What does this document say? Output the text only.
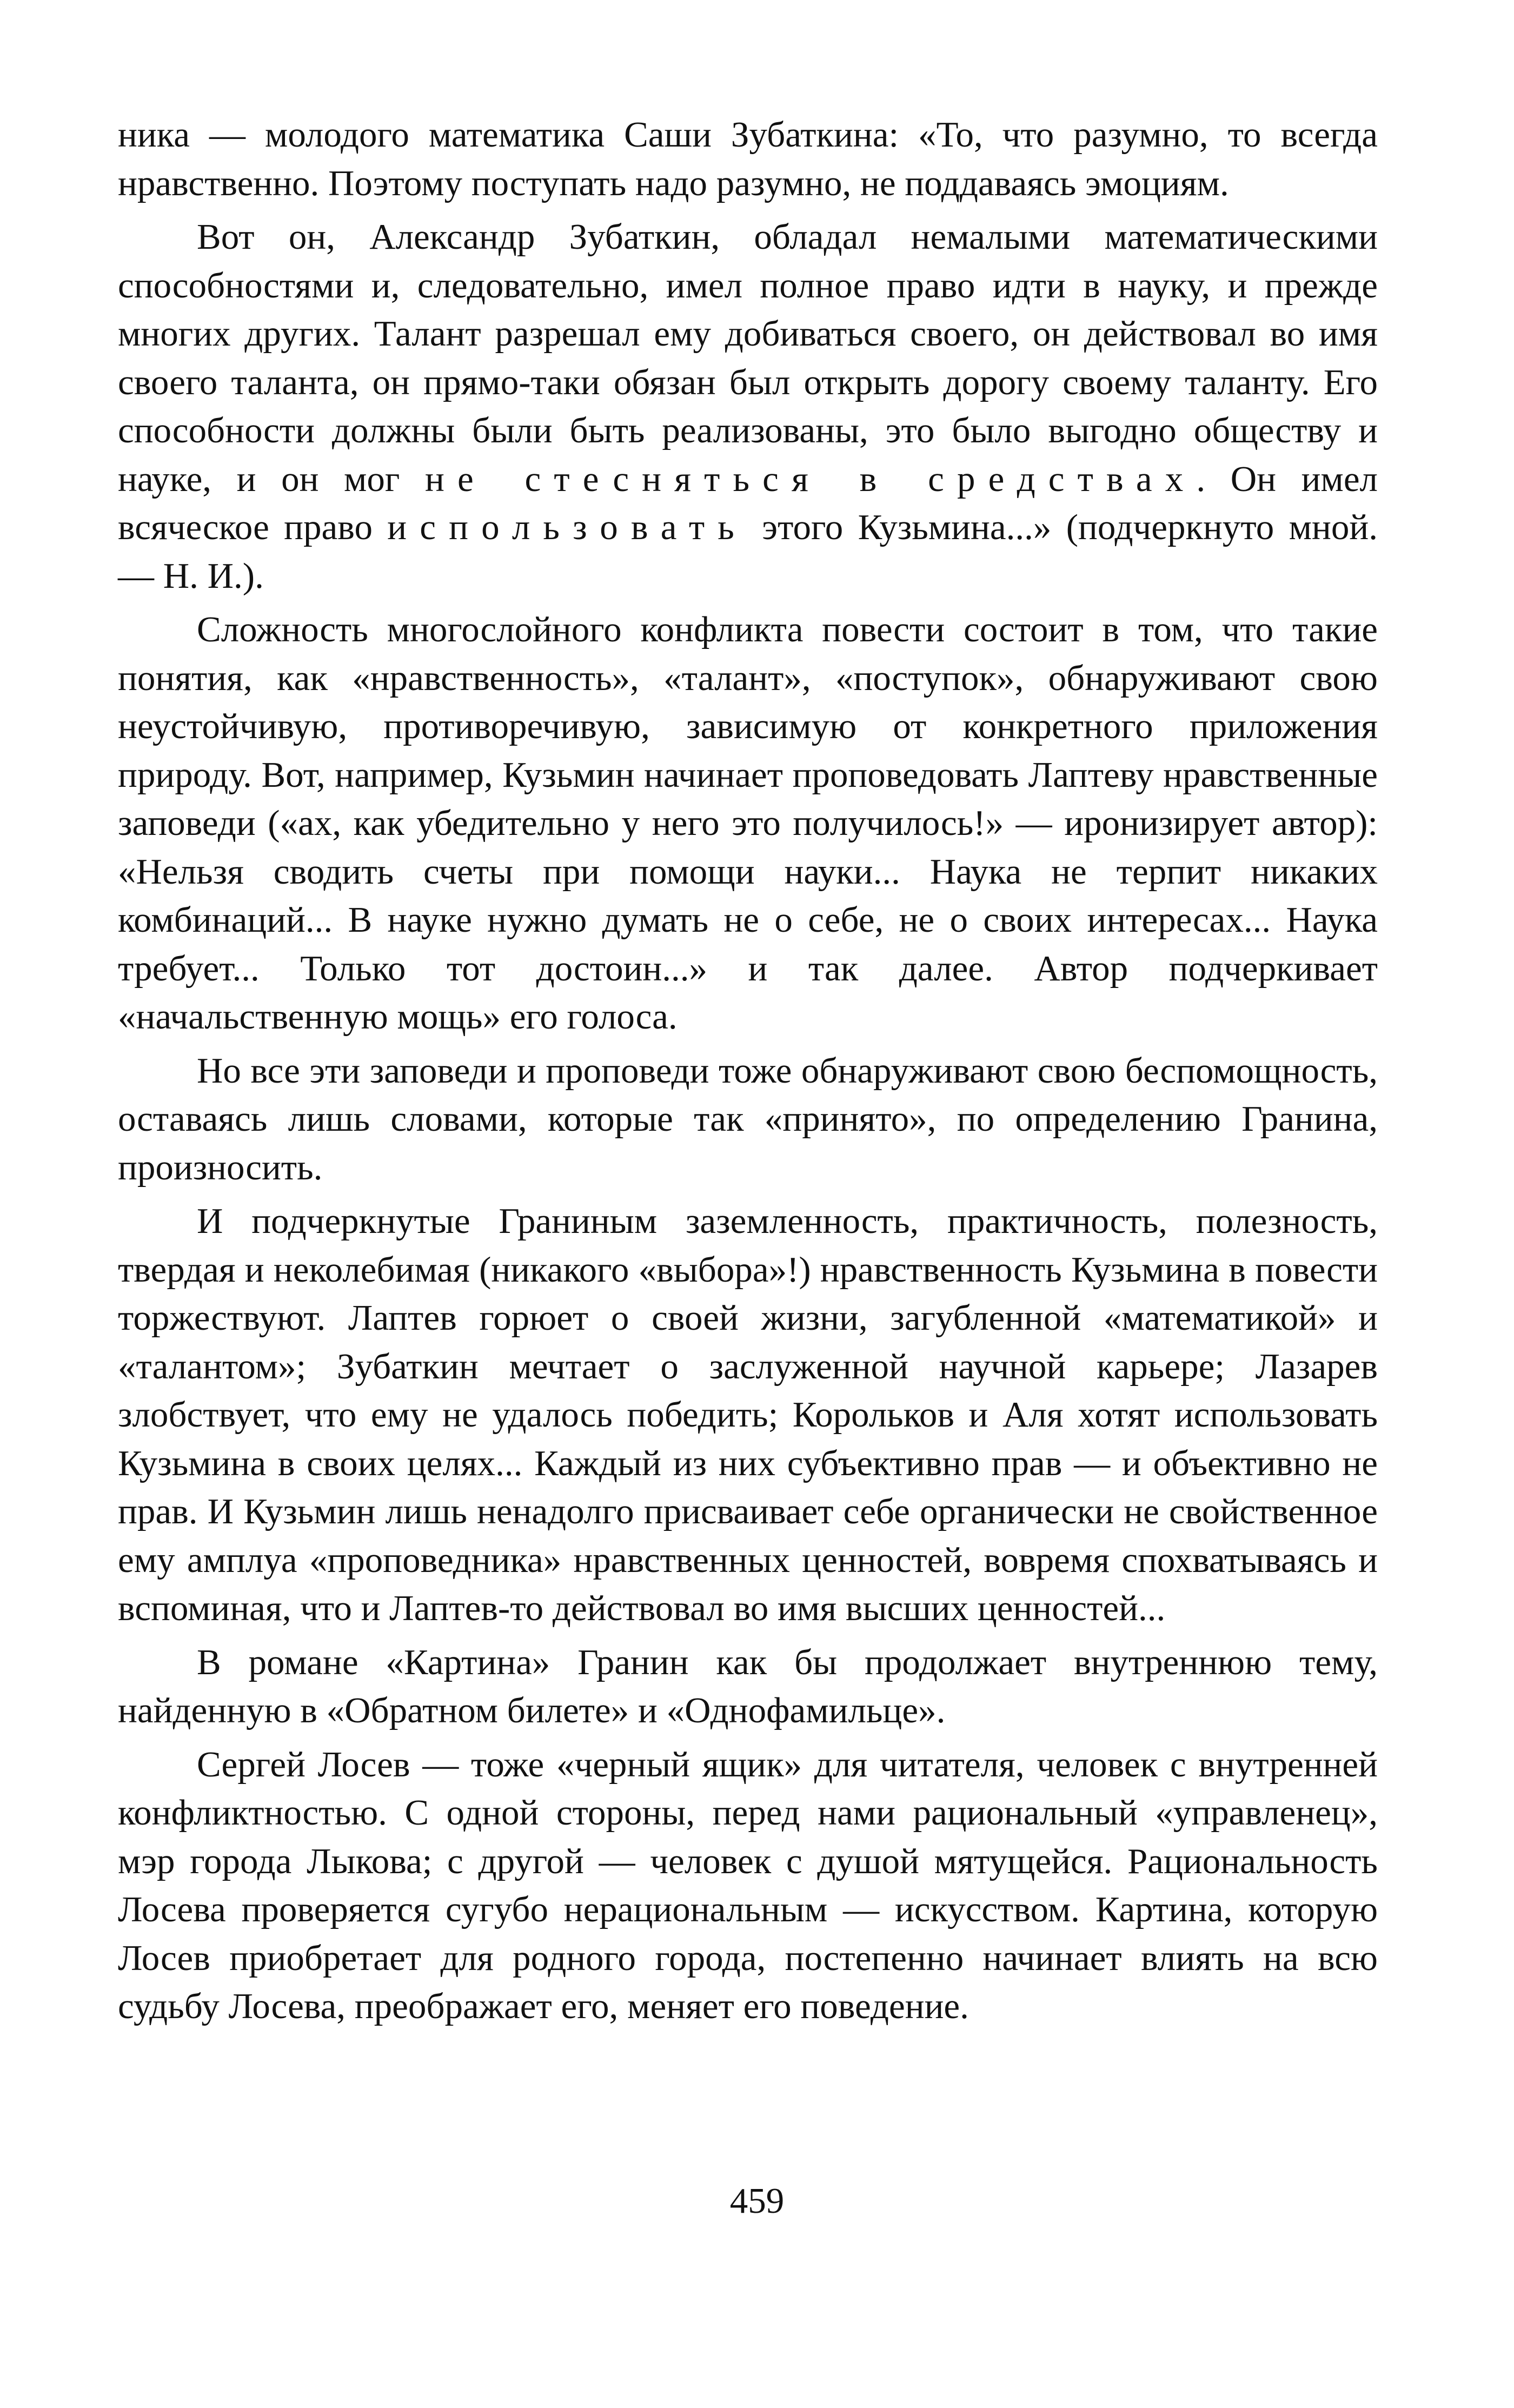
ника — молодого математика Саши Зубаткина: «То, что разумно, то всегда нравственно. Поэтому поступать надо разумно, не поддаваясь эмоциям.

Вот он, Александр Зубаткин, обладал немалыми математическими способностями и, следовательно, имел полное право идти в науку, и прежде многих других. Талант разрешал ему добиваться своего, он действовал во имя своего таланта, он прямо-таки обязан был открыть дорогу своему таланту. Его способности должны были быть реализованы, это было выгодно обществу и науке, и он мог не стесняться в средствах. Он имел всяческое право использовать этого Кузьмина...» (подчеркнуто мной.— Н. И.).

Сложность многослойного конфликта повести состоит в том, что такие понятия, как «нравственность», «талант», «поступок», обнаруживают свою неустойчивую, противоречивую, зависимую от конкретного приложения природу. Вот, например, Кузьмин начинает проповедовать Лаптеву нравственные заповеди («ах, как убедительно у него это получилось!» — иронизирует автор): «Нельзя сводить счеты при помощи науки... Наука не терпит никаких комбинаций... В науке нужно думать не о себе, не о своих интересах... Наука требует... Только тот достоин...» и так далее. Автор подчеркивает «начальственную мощь» его голоса.

Но все эти заповеди и проповеди тоже обнаруживают свою беспомощность, оставаясь лишь словами, которые так «принято», по определению Гранина, произносить.

И подчеркнутые Граниным заземленность, практичность, полезность, твердая и неколебимая (никакого «выбора»!) нравственность Кузьмина в повести торжествуют. Лаптев горюет о своей жизни, загубленной «математикой» и «талантом»; Зубаткин мечтает о заслуженной научной карьере; Лазарев злобствует, что ему не удалось победить; Корольков и Аля хотят использовать Кузьмина в своих целях... Каждый из них субъективно прав — и объективно не прав. И Кузьмин лишь ненадолго присваивает себе органически не свойственное ему амплуа «проповедника» нравственных ценностей, вовремя спохватываясь и вспоминая, что и Лаптев-то действовал во имя высших ценностей...

В романе «Картина» Гранин как бы продолжает внутреннюю тему, найденную в «Обратном билете» и «Однофамильце».

Сергей Лосев — тоже «черный ящик» для читателя, человек с внутренней конфликтностью. С одной стороны, перед нами рациональный «управленец», мэр города Лыкова; с другой — человек с душой мятущейся. Рациональность Лосева проверяется сугубо нерациональным — искусством. Картина, которую Лосев приобретает для родного города, постепенно начинает влиять на всю судьбу Лосева, преображает его, меняет его поведение.

459
